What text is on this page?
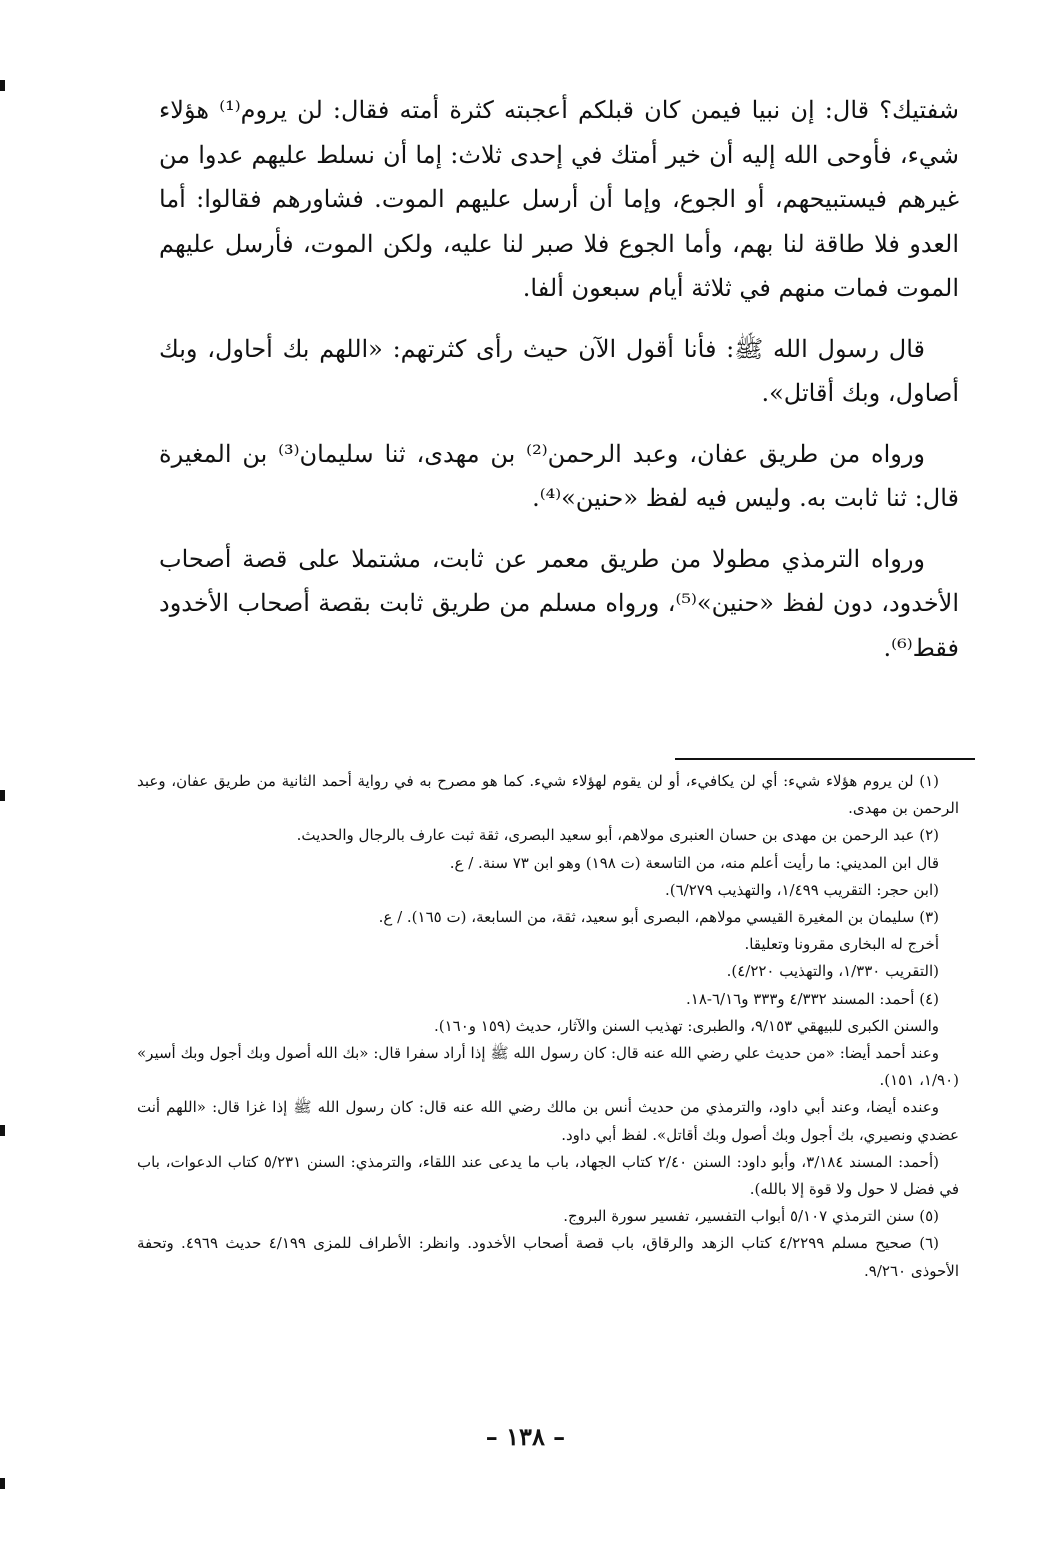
شفتيك؟ قال: إن نبيا فيمن كان قبلكم أعجبته كثرة أمته فقال: لن يروم⁽¹⁾ هؤلاء شيء، فأوحى الله إليه أن خير أمتك في إحدى ثلاث: إما أن نسلط عليهم عدوا من غيرهم فيستبيحهم، أو الجوع، وإما أن أرسل عليهم الموت. فشاورهم فقالوا: أما العدو فلا طاقة لنا بهم، وأما الجوع فلا صبر لنا عليه، ولكن الموت، فأرسل عليهم الموت فمات منهم في ثلاثة أيام سبعون ألفا.

قال رسول الله ﷺ: فأنا أقول الآن حيث رأى كثرتهم: «اللهم بك أحاول، وبك أصاول، وبك أقاتل».

ورواه من طريق عفان، وعبد الرحمن⁽²⁾ بن مهدى، ثنا سليمان⁽³⁾ بن المغيرة قال: ثنا ثابت به. وليس فيه لفظ «حنين»⁽⁴⁾.

ورواه الترمذي مطولا من طريق معمر عن ثابت، مشتملا على قصة أصحاب الأخدود، دون لفظ «حنين»⁽⁵⁾، ورواه مسلم من طريق ثابت بقصة أصحاب الأخدود فقط⁽⁶⁾.

(١) لن يروم هؤلاء شيء: أي لن يكافيء، أو لن يقوم لهؤلاء شيء. كما هو مصرح به في رواية أحمد الثانية من طريق عفان، وعبد الرحمن بن مهدى.

(٢) عبد الرحمن بن مهدى بن حسان العنبرى مولاهم، أبو سعيد البصرى، ثقة ثبت عارف بالرجال والحديث.

قال ابن المديني: ما رأيت أعلم منه، من التاسعة (ت ١٩٨) وهو ابن ٧٣ سنة. / ع.

(ابن حجر: التقريب ١/٤٩٩، والتهذيب ٦/٢٧٩).

(٣) سليمان بن المغيرة القيسي مولاهم، البصرى أبو سعيد، ثقة، من السابعة، (ت ١٦٥). / ع.

أخرج له البخارى مقرونا وتعليقا.

(التقريب ١/٣٣٠، والتهذيب ٤/٢٢٠).

(٤) أحمد: المسند ٤/٣٣٢ و٣٣٣ و٦/١٦-١٨.

والسنن الكبرى للبيهقي ٩/١٥٣، والطبرى: تهذيب السنن والآثار، حديث (١٥٩ و١٦٠).

وعند أحمد أيضا: «من حديث علي رضي الله عنه قال: كان رسول الله ﷺ إذا أراد سفرا قال: «بك الله أصول وبك أجول وبك أسير» (١/٩٠، ١٥١).

وعنده أيضا، وعند أبي داود، والترمذي من حديث أنس بن مالك رضي الله عنه قال: كان رسول الله ﷺ إذا غزا قال: «اللهم أنت عضدي ونصيري، بك أجول وبك أصول وبك أقاتل». لفظ أبي داود.

(أحمد: المسند ٣/١٨٤، وأبو داود: السنن ٢/٤٠ كتاب الجهاد، باب ما يدعى عند اللقاء، والترمذي: السنن ٥/٢٣١ كتاب الدعوات، باب في فضل لا حول ولا قوة إلا بالله).

(٥) سنن الترمذي ٥/١٠٧ أبواب التفسير، تفسير سورة البروج.

(٦) صحيح مسلم ٤/٢٢٩٩ كتاب الزهد والرقاق، باب قصة أصحاب الأخدود. وانظر: الأطراف للمزى ٤/١٩٩ حديث ٤٩٦٩. وتحفة الأحوذى ٩/٢٦٠.

– ١٣٨ –
